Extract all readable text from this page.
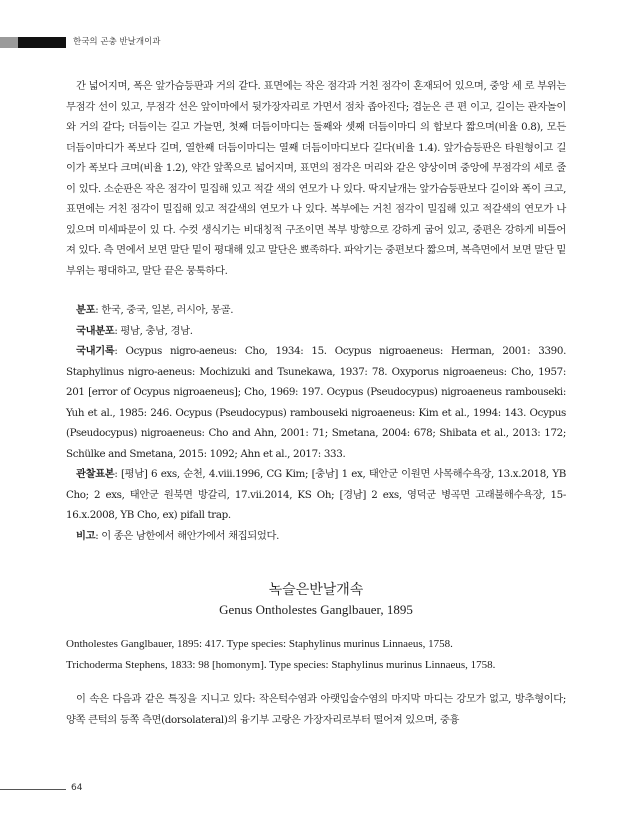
한국의 곤충 반날개이과

간 넓어지며, 폭은 앞가슴등판과 거의 같다. 표면에는 작은 점각과 거친 점각이 혼재되어 있으며, 중앙 세 로 부위는 무점각 선이 있고, 무점각 선은 앞이마에서 뒷가장자리로 가면서 점차 좁아진다; 겹눈은 큰 편 이고, 길이는 관자놀이와 거의 같다; 더듬이는 길고 가늘면, 첫째 더듬이마디는 둘째와 셋째 더듬이마디 의 합보다 짧으며(비율 0.8), 모든 더듬이마디가 폭보다 길며, 열한째 더듬이마디는 열째 더듬이마디보다 길다(비율 1.4). 앞가슴등판은 타원형이고 길이가 폭보다 크며(비율 1.2), 약간 앞쪽으로 넓어지며, 표면의 점각은 머리와 같은 양상이며 중앙에 무점각의 세로 줄이 있다. 소순판은 작은 점각이 밀집해 있고 적갈 색의 연모가 나 있다. 딱지날개는 앞가슴등판보다 길이와 폭이 크고, 표면에는 거친 점각이 밀집해 있고 적갈색의 연모가 나 있다. 복부에는 거친 점각이 밀집해 있고 적갈색의 연모가 나 있으며 미세파문이 있 다. 수컷 생식기는 비대칭적 구조이면 복부 방향으로 강하게 굽어 있고, 중편은 강하게 비틀어져 있다. 측 면에서 보면 말단 밑이 평대해 있고 말단은 뾰족하다. 파악기는 중편보다 짧으며, 복측면에서 보면 말단 밑 부위는 평대하고, 말단 끝은 뭉툭하다.

분포: 한국, 중국, 일본, 러시아, 몽골.

국내분포: 평남, 충남, 경남.

국내기록: Ocypus nigro-aeneus: Cho, 1934: 15. Ocypus nigroaeneus: Herman, 2001: 3390. Staphylinus nigro-aeneus: Mochizuki and Tsunekawa, 1937: 78. Oxyporus nigroaeneus: Cho, 1957: 201 [error of Ocypus nigroaeneus]; Cho, 1969: 197. Ocypus (Pseudocypus) nigroaeneus rambouseki: Yuh et al., 1985: 246. Ocypus (Pseudocypus) rambouseki nigroaeneus: Kim et al., 1994: 143. Ocypus (Pseudocypus) nigroaeneus: Cho and Ahn, 2001: 71; Smetana, 2004: 678; Shibata et al., 2013: 172; Schülke and Smetana, 2015: 1092; Ahn et al., 2017: 333.

관찰표본: [평남] 6 exs, 순천, 4.viii.1996, CG Kim; [충남] 1 ex, 태안군 이원면 사목해수욕장, 13.x.2018, YB Cho; 2 exs, 태안군 원북면 방갈리, 17.vii.2014, KS Oh; [경남] 2 exs, 영덕군 병곡면 고래불해수욕장, 15-16.x.2008, YB Cho, ex) pifall trap.

비고: 이 종은 남한에서 해안가에서 채집되었다.

녹슬은반날개속
Genus Ontholestes Ganglbauer, 1895

Ontholestes Ganglbauer, 1895: 417. Type species: Staphylinus murinus Linnaeus, 1758.

Trichoderma Stephens, 1833: 98 [homonym]. Type species: Staphylinus murinus Linnaeus, 1758.

이 속은 다음과 같은 특징을 지니고 있다: 작은턱수염과 아랫입술수염의 마지막 마디는 강모가 없고, 방추형이다; 양쪽 큰턱의 등쪽 측면(dorsolateral)의 융기부 고랑은 가장자리로부터 떨어져 있으며, 중흉

64
